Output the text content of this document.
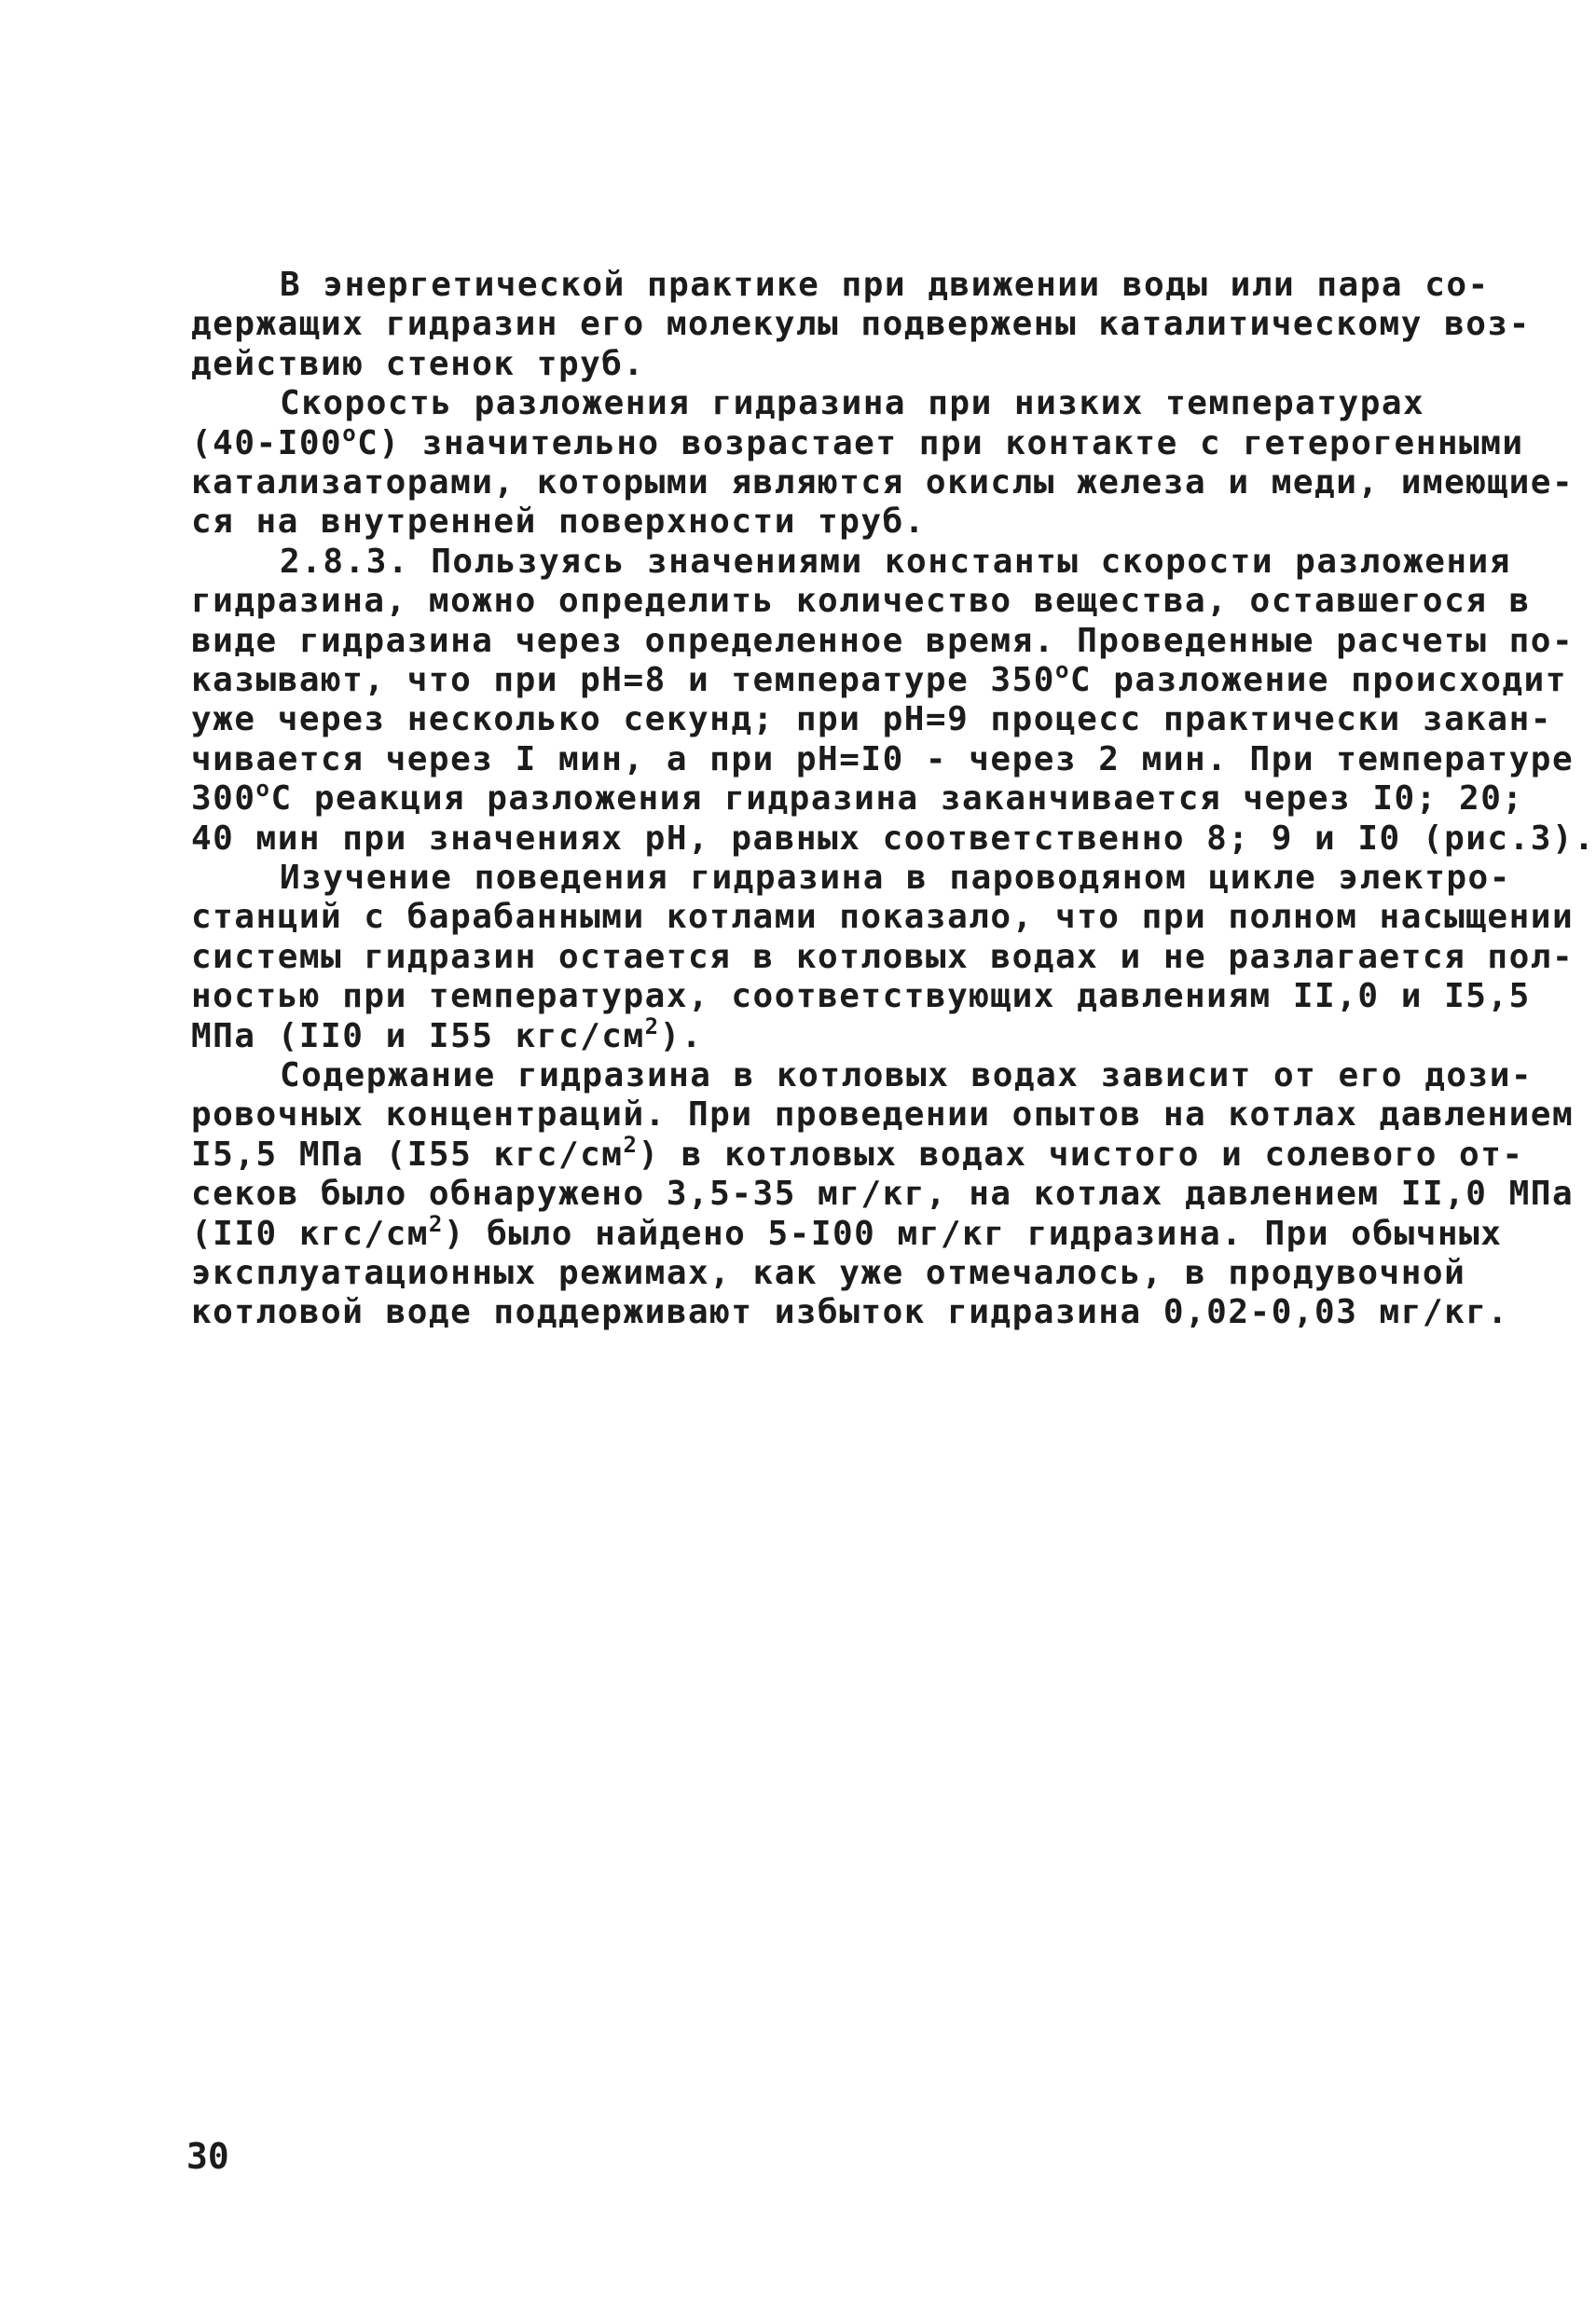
В энергетической практике при движении воды или пара со-
держащих гидразин его молекулы подвержены каталитическому воз-
действию стенок труб.
Скорость разложения гидразина при низких температурах
$(40-I00^оС)$ значительно возрастает при контакте с гетерогенными
катализаторами, которыми являются окислы железа и меди, имеющие-
ся на внутренней поверхности труб.
2.8.3. Пользуясь значениями константы скорости разложения
гидразина, можно определить количество вещества, оставшегося в
виде гидразина через определенное время. Проведенные расчеты по-
казывают, что при рН=8 и температуре $350^оС$ разложение происходит
уже через несколько секунд; при рН=9 процесс практически закан-
чивается через I мин, а при рН=I0 - через 2 мин. При температуре
$300^оС$ реакция разложения гидразина заканчивается через I0; 20;
40 мин при значениях рН, равных соответственно 8; 9 и I0 (рис.3).
Изучение поведения гидразина в пароводяном цикле электро-
станций с барабанными котлами показало, что при полном насыщении
системы гидразин остается в котловых водах и не разлагается пол-
ностью при температурах, соответствующих давлениям II,0 и I5,5
МПа (II0 и I55 кгс/$см^2$).
Содержание гидразина в котловых водах зависит от его дози-
ровочных концентраций. При проведении опытов на котлах давлением
I5,5 МПа (I55 кгс/$см^2$) в котловых водах чистого и солевого от-
секов было обнаружено 3,5-35 мг/кг, на котлах давлением II,0 МПа
(II0 кгс/$см^2$) было найдено 5-I00 мг/кг гидразина. При обычных
эксплуатационных режимах, как уже отмечалось, в продувочной
котловой воде поддерживают избыток гидразина 0,02-0,03 мг/кг.
30
